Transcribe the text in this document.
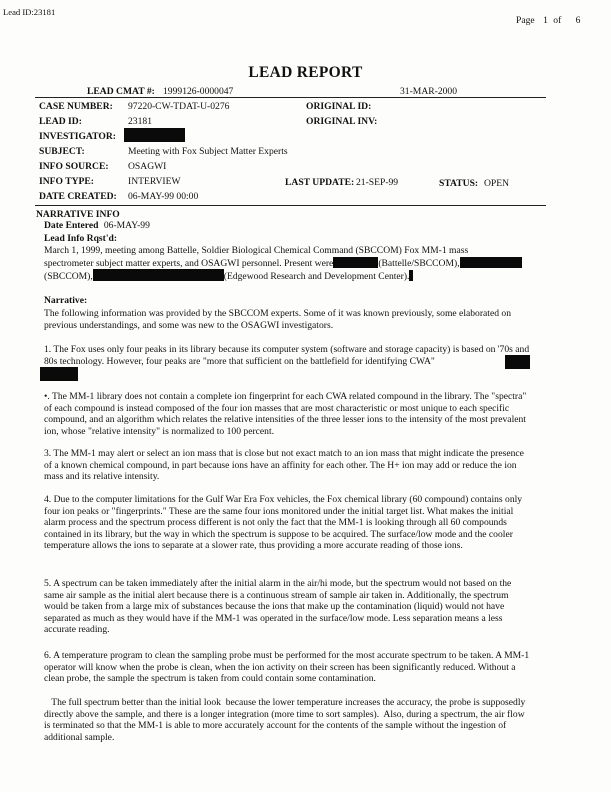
Lead ID:23181
Page 1 of 6
LEAD REPORT
LEAD CMAT #: 1999126-0000047	31-MAR-2000
CASE NUMBER: 97220-CW-TDAT-U-0276	ORIGINAL ID:
LEAD ID:	23181	ORIGINAL INV:
INVESTIGATOR:
SUBJECT:	Meeting with Fox Subject Matter Experts
INFO SOURCE: OSAGWI
INFO TYPE:	INTERVIEW	LAST UPDATE: 21-SEP-99	STATUS: OPEN
DATE CREATED: 06-MAY-99 00:00
NARRATIVE INFO
Date Entered 06-MAY-99
Lead Info Rqst'd:
March 1, 1999, meeting among Battelle, Soldier Biological Chemical Command (SBCCOM) Fox MM-1 mass
spectrometer subject matter experts, and OSAGWI personnel. Present were	(Battelle/SBCCOM),
(SBCCOM),	(Edgewood Research and Development Center).
Narrative:
The following information was provided by the SBCCOM experts. Some of it was known previously, some elaborated on previous understandings, and some was new to the OSAGWI investigators.
1. The Fox uses only four peaks in its library because its computer system (software and storage capacity) is based on '70s and 80s technology. However, four peaks are "more that sufficient on the battlefield for identifying CWA"
•. The MM-1 library does not contain a complete ion fingerprint for each CWA related compound in the library. The "spectra" of each compound is instead composed of the four ion masses that are most characteristic or most unique to each specific compound, and an algorithm which relates the relative intensities of the three lesser ions to the intensity of the most prevalent ion, whose "relative intensity" is normalized to 100 percent.
3. The MM-1 may alert or select an ion mass that is close but not exact match to an ion mass that might indicate the presence of a known chemical compound, in part because ions have an affinity for each other. The H+ ion may add or reduce the ion mass and its relative intensity.
4. Due to the computer limitations for the Gulf War Era Fox vehicles, the Fox chemical library (60 compound) contains only four ion peaks or "fingerprints." These are the same four ions monitored under the initial target list. What makes the initial alarm process and the spectrum process different is not only the fact that the MM-1 is looking through all 60 compounds contained in its library, but the way in which the spectrum is suppose to be acquired. The surface/low mode and the cooler temperature allows the ions to separate at a slower rate, thus providing a more accurate reading of those ions.
5. A spectrum can be taken immediately after the initial alarm in the air/hi mode, but the spectrum would not based on the same air sample as the initial alert because there is a continuous stream of sample air taken in. Additionally, the spectrum would be taken from a large mix of substances because the ions that make up the contamination (liquid) would not have separated as much as they would have if the MM-1 was operated in the surface/low mode. Less separation means a less accurate reading.
6. A temperature program to clean the sampling probe must be performed for the most accurate spectrum to be taken. A MM-1 operator will know when the probe is clean, when the ion activity on their screen has been significantly reduced. Without a clean probe, the sample the spectrum is taken from could contain some contamination.
The full spectrum better than the initial look  because the lower temperature increases the accuracy, the probe is supposedly directly above the sample, and there is a longer integration (more time to sort samples).  Also, during a spectrum, the air flow is terminated so that the MM-1 is able to more accurately account for the contents of the sample without the ingestion of additional sample.
